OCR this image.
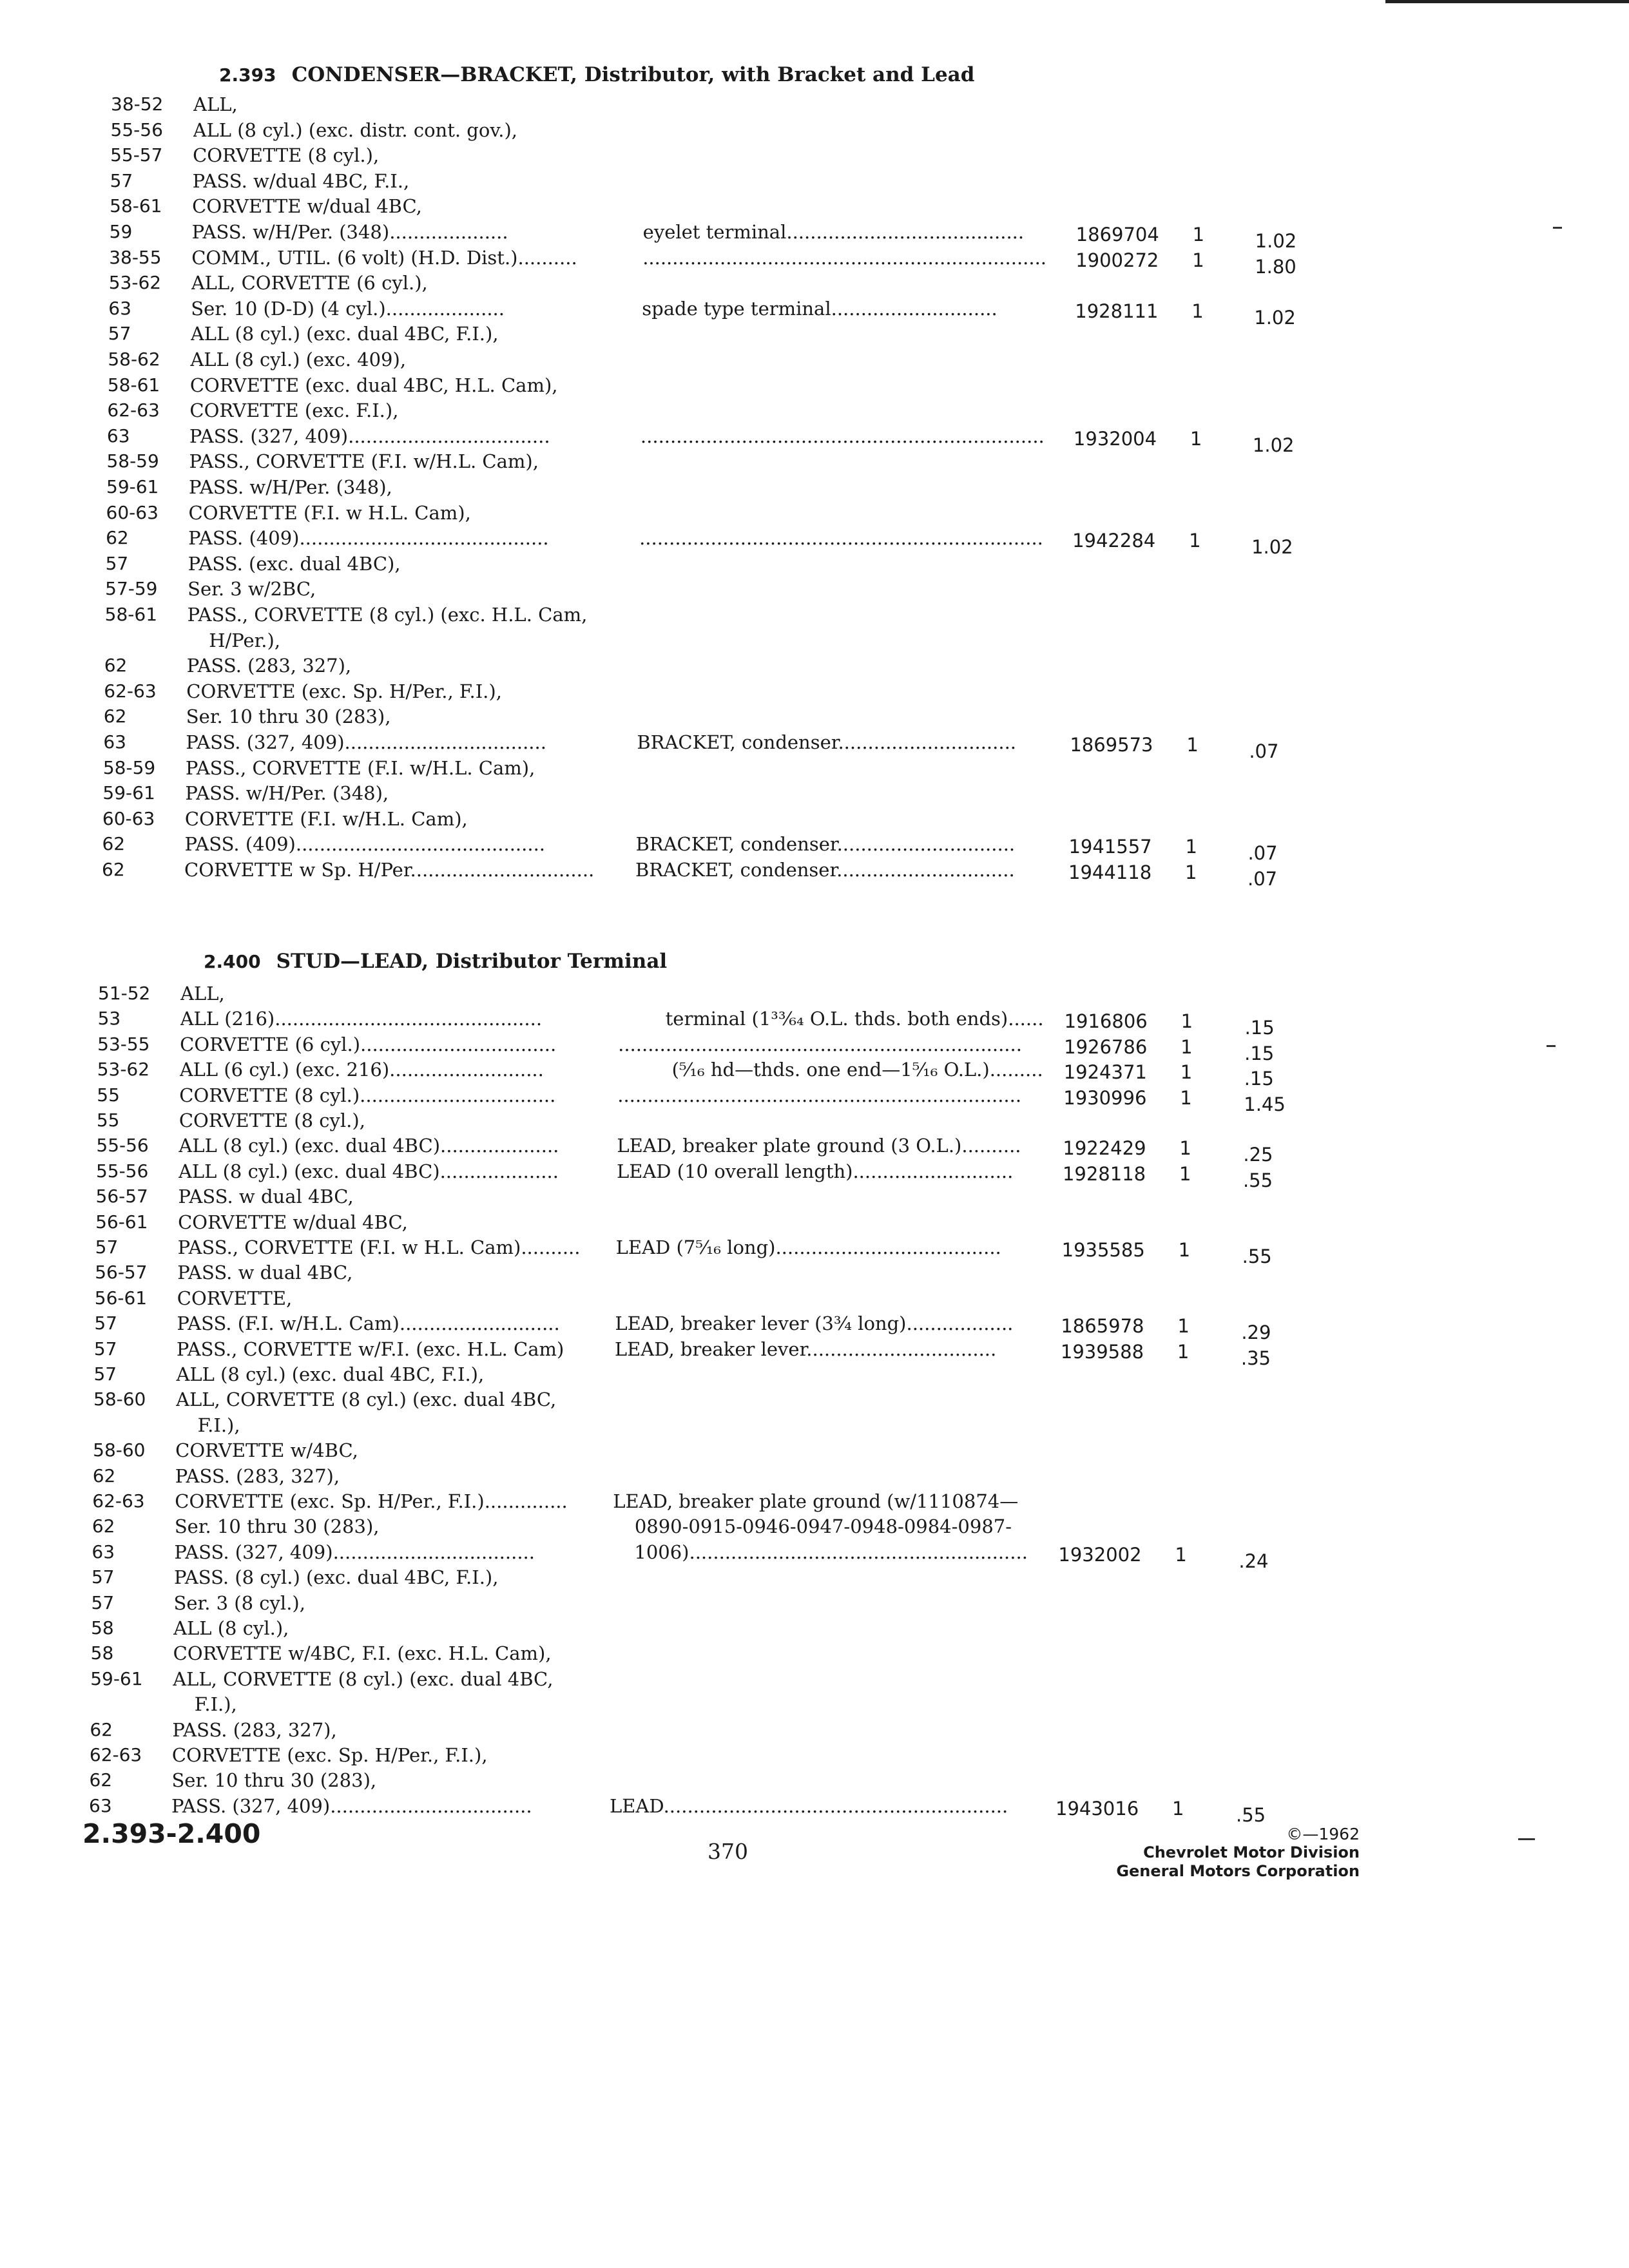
2.393 CONDENSER—BRACKET, Distributor, with Bracket and Lead
38-52 ALL,
55-56 ALL (8 cyl.) (exc. distr. cont. gov.),
55-57 CORVETTE (8 cyl.),
57	PASS. w/dual 4BC, F.I.,
58-61 CORVETTE w/dual 4BC,
59	PASS. w/H/Per. (348)....................	eyelet terminal........................................	1869704 1	1.02
38-55 COMM., UTIL. (6 volt) (H.D. Dist.)..........	....................................................................	1900272 1	1.80
53-62 ALL, CORVETTE (6 cyl.),
63	Ser. 10 (D-D) (4 cyl.)....................	spade type terminal............................	1928111 1	1.02
57	ALL (8 cyl.) (exc. dual 4BC, F.I.),
58-62 ALL (8 cyl.) (exc. 409),
58-61 CORVETTE (exc. dual 4BC, H.L. Cam),
62-63 CORVETTE (exc. F.I.),
63	PASS. (327, 409)..................................	....................................................................	1932004 1	1.02
58-59 PASS., CORVETTE (F.I. w/H.L. Cam),
59-61 PASS. w/H/Per. (348),
60-63 CORVETTE (F.I. w H.L. Cam),
62	PASS. (409)..........................................	....................................................................	1942284 1	1.02
57	PASS. (exc. dual 4BC),
57-59 Ser. 3 w/2BC,
58-61 PASS., CORVETTE (8 cyl.) (exc. H.L. Cam,
H/Per.),
62	PASS. (283, 327),
62-63 CORVETTE (exc. Sp. H/Per., F.I.),
62	Ser. 10 thru 30 (283),
63	PASS. (327, 409)..................................	BRACKET, condenser..............................	1869573 1	.07
58-59 PASS., CORVETTE (F.I. w/H.L. Cam),
59-61 PASS. w/H/Per. (348),
60-63 CORVETTE (F.I. w/H.L. Cam),
62	PASS. (409)..........................................	BRACKET, condenser..............................	1941557 1	.07
62	CORVETTE w Sp. H/Per...............................	BRACKET, condenser..............................	1944118 1	.07
2.400 STUD—LEAD, Distributor Terminal
51-52 ALL,
53	ALL (216).............................................	terminal (1³³⁄₆₄ O.L. thds. both ends)...... 1916806 1	.15
53-55 CORVETTE (6 cyl.).................................	....................................................................	1926786 1	.15
53-62 ALL (6 cyl.) (exc. 216)..........................	(⁵⁄₁₆ hd—thds. one end—1⁵⁄₁₆ O.L.)......... 1924371 1	.15
55	CORVETTE (8 cyl.).................................	....................................................................	1930996 1	1.45
55	CORVETTE (8 cyl.),
55-56 ALL (8 cyl.) (exc. dual 4BC)....................	LEAD, breaker plate ground (3 O.L.)..........	1922429 1	.25
55-56 ALL (8 cyl.) (exc. dual 4BC)....................	LEAD (10 overall length)...........................	1928118 1	.55
56-57 PASS. w dual 4BC,
56-61 CORVETTE w/dual 4BC,
57	PASS., CORVETTE (F.I. w H.L. Cam)..........	LEAD (7⁵⁄₁₆ long)......................................	1935585 1	.55
56-57 PASS. w dual 4BC,
56-61 CORVETTE,
57	PASS. (F.I. w/H.L. Cam)...........................	LEAD, breaker lever (3¾ long)..................	1865978 1	.29
57	PASS., CORVETTE w/F.I. (exc. H.L. Cam)	LEAD, breaker lever................................	1939588 1	.35
57	ALL (8 cyl.) (exc. dual 4BC, F.I.),
58-60 ALL, CORVETTE (8 cyl.) (exc. dual 4BC,
F.I.),
58-60 CORVETTE w/4BC,
62	PASS. (283, 327),
62-63 CORVETTE (exc. Sp. H/Per., F.I.)..............	LEAD, breaker plate ground (w/1110874—
62	Ser. 10 thru 30 (283),	0890-0915-0946-0947-0948-0984-0987-
63	PASS. (327, 409)..................................	1006).........................................................	1932002 1	.24
57	PASS. (8 cyl.) (exc. dual 4BC, F.I.),
57	Ser. 3 (8 cyl.),
58	ALL (8 cyl.),
58	CORVETTE w/4BC, F.I. (exc. H.L. Cam),
59-61 ALL, CORVETTE (8 cyl.) (exc. dual 4BC,
F.I.),
62	PASS. (283, 327),
62-63 CORVETTE (exc. Sp. H/Per., F.I.),
62	Ser. 10 thru 30 (283),
63	PASS. (327, 409)..................................	LEAD..........................................................	1943016 1	.55
2.393-2.400
370
©—1962
Chevrolet Motor Division
General Motors Corporation
